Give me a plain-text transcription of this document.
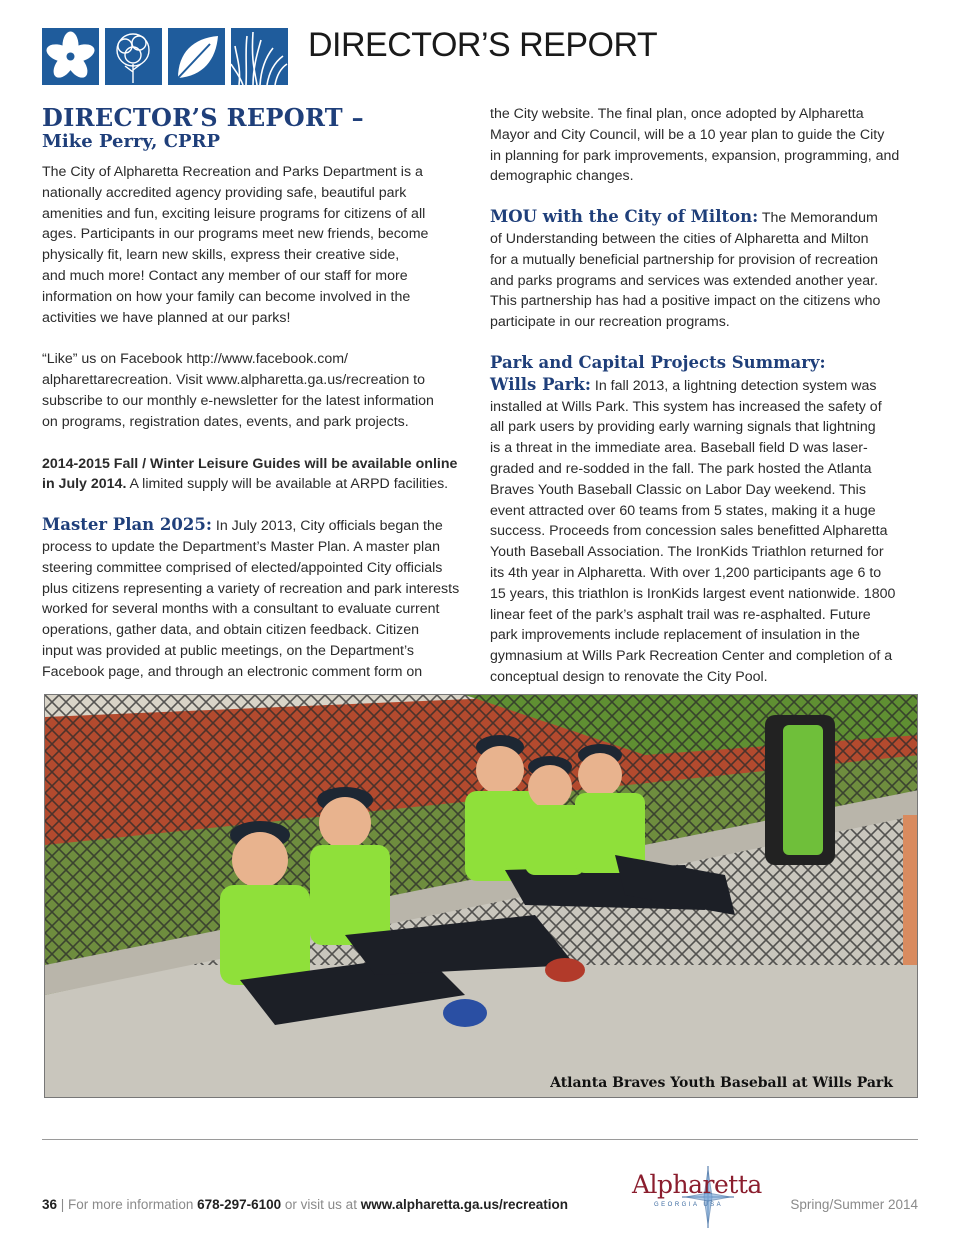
DIRECTOR’S REPORT
DIRECTOR’S REPORT –
Mike Perry, CPRP

The City of Alpharetta Recreation and Parks Department is a
nationally accredited agency providing safe, beautiful park
amenities and fun, exciting leisure programs for citizens of all
ages. Participants in our programs meet new friends, become
physically fit, learn new skills, express their creative side,
and much more! Contact any member of our staff for more
information on how your family can become involved in the
activities we have planned at our parks!

“Like” us on Facebook http://www.facebook.com/
alpharettarecreation. Visit www.alpharetta.ga.us/recreation to
subscribe to our monthly e-newsletter for the latest information
on programs, registration dates, events, and park projects.

2014-2015 Fall / Winter Leisure Guides will be available online
in July 2014. A limited supply will be available at ARPD facilities.

Master Plan 2025: In July 2013, City officials began the
process to update the Department’s Master Plan. A master plan
steering committee comprised of elected/appointed City officials
plus citizens representing a variety of recreation and park interests
worked for several months with a consultant to evaluate current
operations, gather data, and obtain citizen feedback. Citizen
input was provided at public meetings, on the Department’s
Facebook page, and through an electronic comment form on

the City website. The final plan, once adopted by Alpharetta
Mayor and City Council, will be a 10 year plan to guide the City
in planning for park improvements, expansion, programming, and
demographic changes.

MOU with the City of Milton: The Memorandum
of Understanding between the cities of Alpharetta and Milton
for a mutually beneficial partnership for provision of recreation
and parks programs and services was extended another year.
This partnership has had a positive impact on the citizens who
participate in our recreation programs.

Park and Capital Projects Summary:
Wills Park: In fall 2013, a lightning detection system was
installed at Wills Park. This system has increased the safety of
all park users by providing early warning signals that lightning
is a threat in the immediate area. Baseball field D was laser-
graded and re-sodded in the fall. The park hosted the Atlanta
Braves Youth Baseball Classic on Labor Day weekend. This
event attracted over 60 teams from 5 states, making it a huge
success. Proceeds from concession sales benefitted Alpharetta
Youth Baseball Association. The IronKids Triathlon returned for
its 4th year in Alpharetta. With over 1,200 participants age 6 to
15 years, this triathlon is IronKids largest event nationwide. 1800
linear feet of the park’s asphalt trail was re-asphalted. Future
park improvements include replacement of insulation in the
gymnasium at Wills Park Recreation Center and completion of a
conceptual design to renovate the City Pool.

Atlanta Braves Youth Baseball at Wills Park
36 | For more information 678-297-6100 or visit us at www.alpharetta.ga.us/recreation
Alpharetta
GEORGIA USA	Spring/Summer 2014
